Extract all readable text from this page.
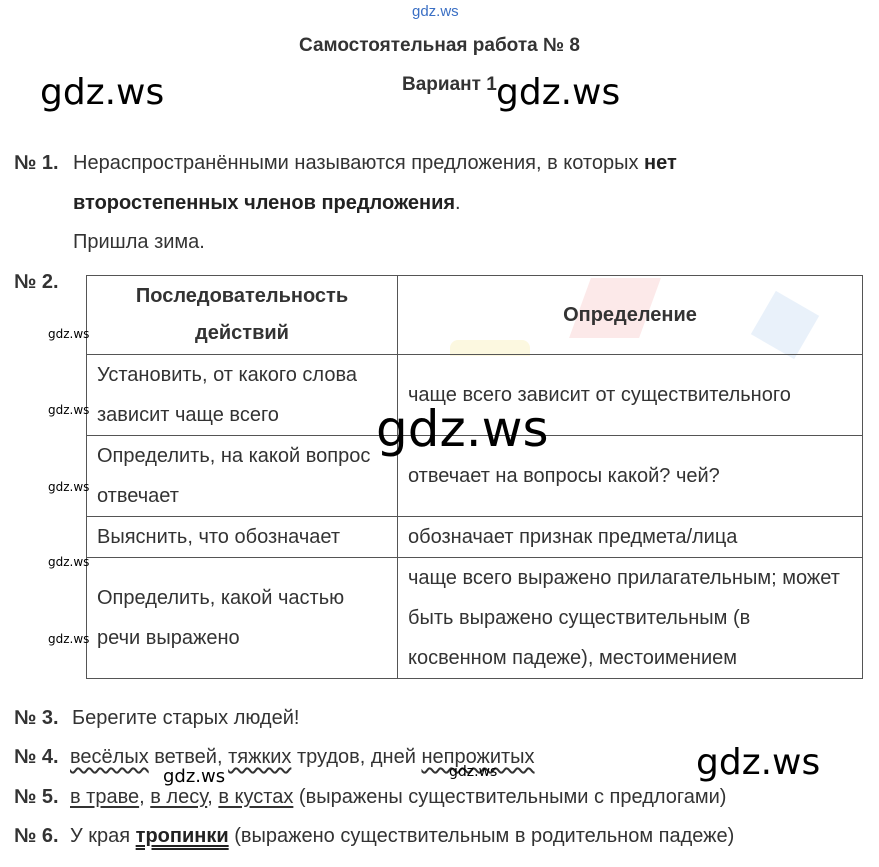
gdz.ws
Самостоятельная работа № 8
Вариант 1
gdz.ws	gdz.ws
№ 1. Нераспространёнными называются предложения, в которых нет
второстепенных членов предложения.
Пришла зима.
№ 2.
Последовательность действий	Определение
Установить, от какого слова зависит чаще всего	чаще всего зависит от существительного
Определить, на какой вопрос отвечает	отвечает на вопросы какой? чей?
Выяснить, что обозначает	обозначает признак предмета/лица
Определить, какой частью речи выражено	чаще всего выражено прилагательным; может быть выражено существительным (в косвенном падеже), местоимением
gdz.ws
gdz.ws
gdz.ws
gdz.ws
gdz.ws
gdz.ws
№ 3. Берегите старых людей!
№ 4. весёлых ветвей, тяжких трудов, дней непрожитых
gdz.ws	gdz.ws	gdz.ws
№ 5. в траве, в лесу, в кустах (выражены существительными с предлогами)
№ 6. У края тропинки (выражено существительным в родительном падеже)
